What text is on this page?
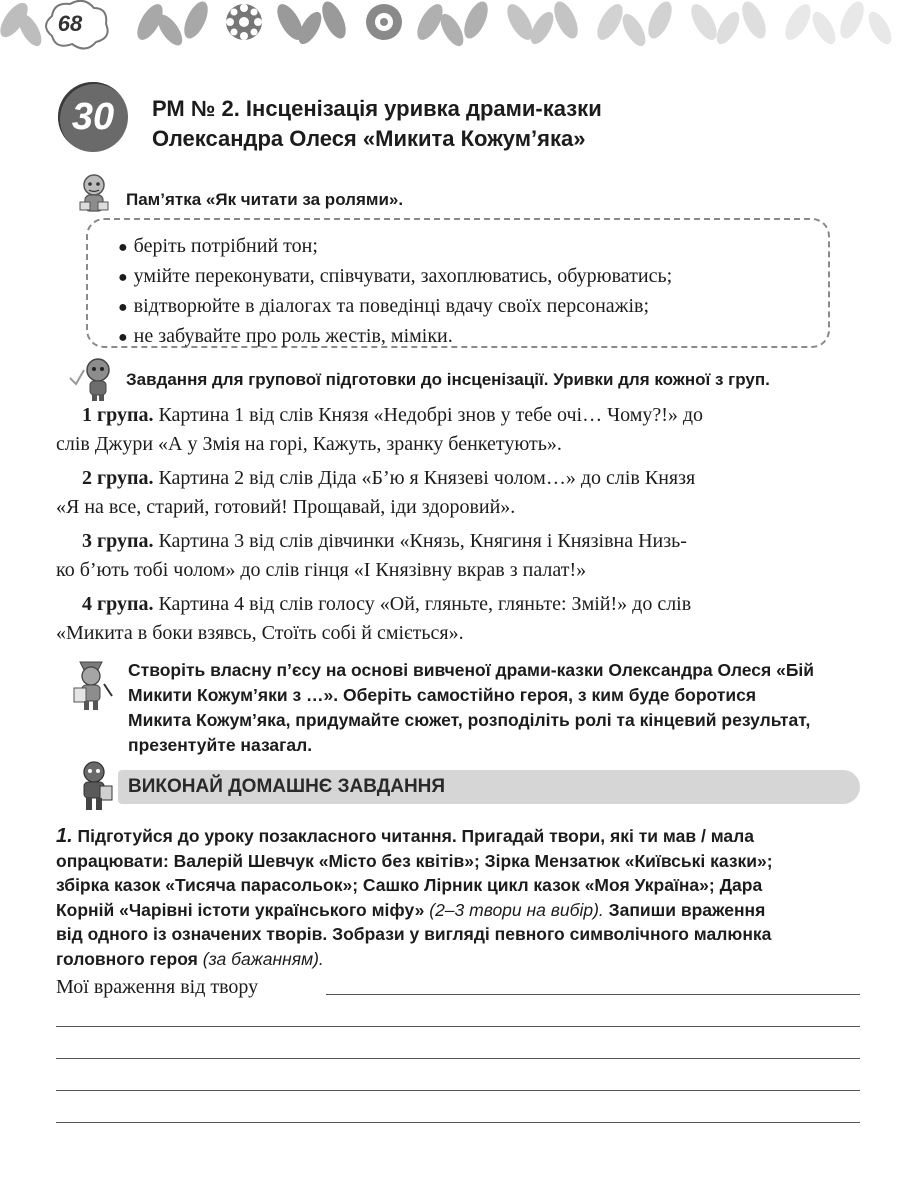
68
30	РМ № 2. Інсценізація уривка драми-казки
Олександра Олеся «Микита Кожум’яка»
Пам’ятка «Як читати за ролями».
● беріть потрібний тон;
● умійте переконувати, співчувати, захоплюватись, обурюватись;
● відтворюйте в діалогах та поведінці вдачу своїх персонажів;
● не забувайте про роль жестів, міміки.
Завдання для групової підготовки до інсценізації. Уривки для кожної з груп.
1 група. Картина 1 від слів Князя «Недобрі знов у тебе очі… Чому?!» до
слів Джури «А у Змія на горі, Кажуть, зранку бенкетують».
2 група. Картина 2 від слів Діда «Б’ю я Князеві чолом…» до слів Князя
«Я на все, старий, готовий! Прощавай, іди здоровий».
3 група. Картина 3 від слів дівчинки «Князь, Княгиня і Князівна Низь-
ко б’ють тобі чолом» до слів гінця «І Князівну вкрав з палат!»
4 група. Картина 4 від слів голосу «Ой, гляньте, гляньте: Змій!» до слів
«Микита в боки взявсь, Стоїть собі й сміється».
Створіть власну п’єсу на основі вивченої драми-казки Олександра Олеся «Бій
Микити Кожум’яки з …». Оберіть самостійно героя, з ким буде боротися
Микита Кожум’яка, придумайте сюжет, розподіліть ролі та кінцевий результат,
презентуйте назагал.
ВИКОНАЙ ДОМАШНЄ ЗАВДАННЯ
1. Підготуйся до уроку позакласного читання. Пригадай твори, які ти мав / мала
опрацювати: Валерій Шевчук «Місто без квітів»; Зірка Мензатюк «Київські казки»;
збірка казок «Тисяча парасольок»; Сашко Лірник цикл казок «Моя Україна»; Дара
Корній «Чарівні істоти українського міфу» (2–3 твори на вибір). Запиши враження
від одного із означених творів. Зобрази у вигляді певного символічного малюнка
головного героя (за бажанням).
Мої враження від твору
